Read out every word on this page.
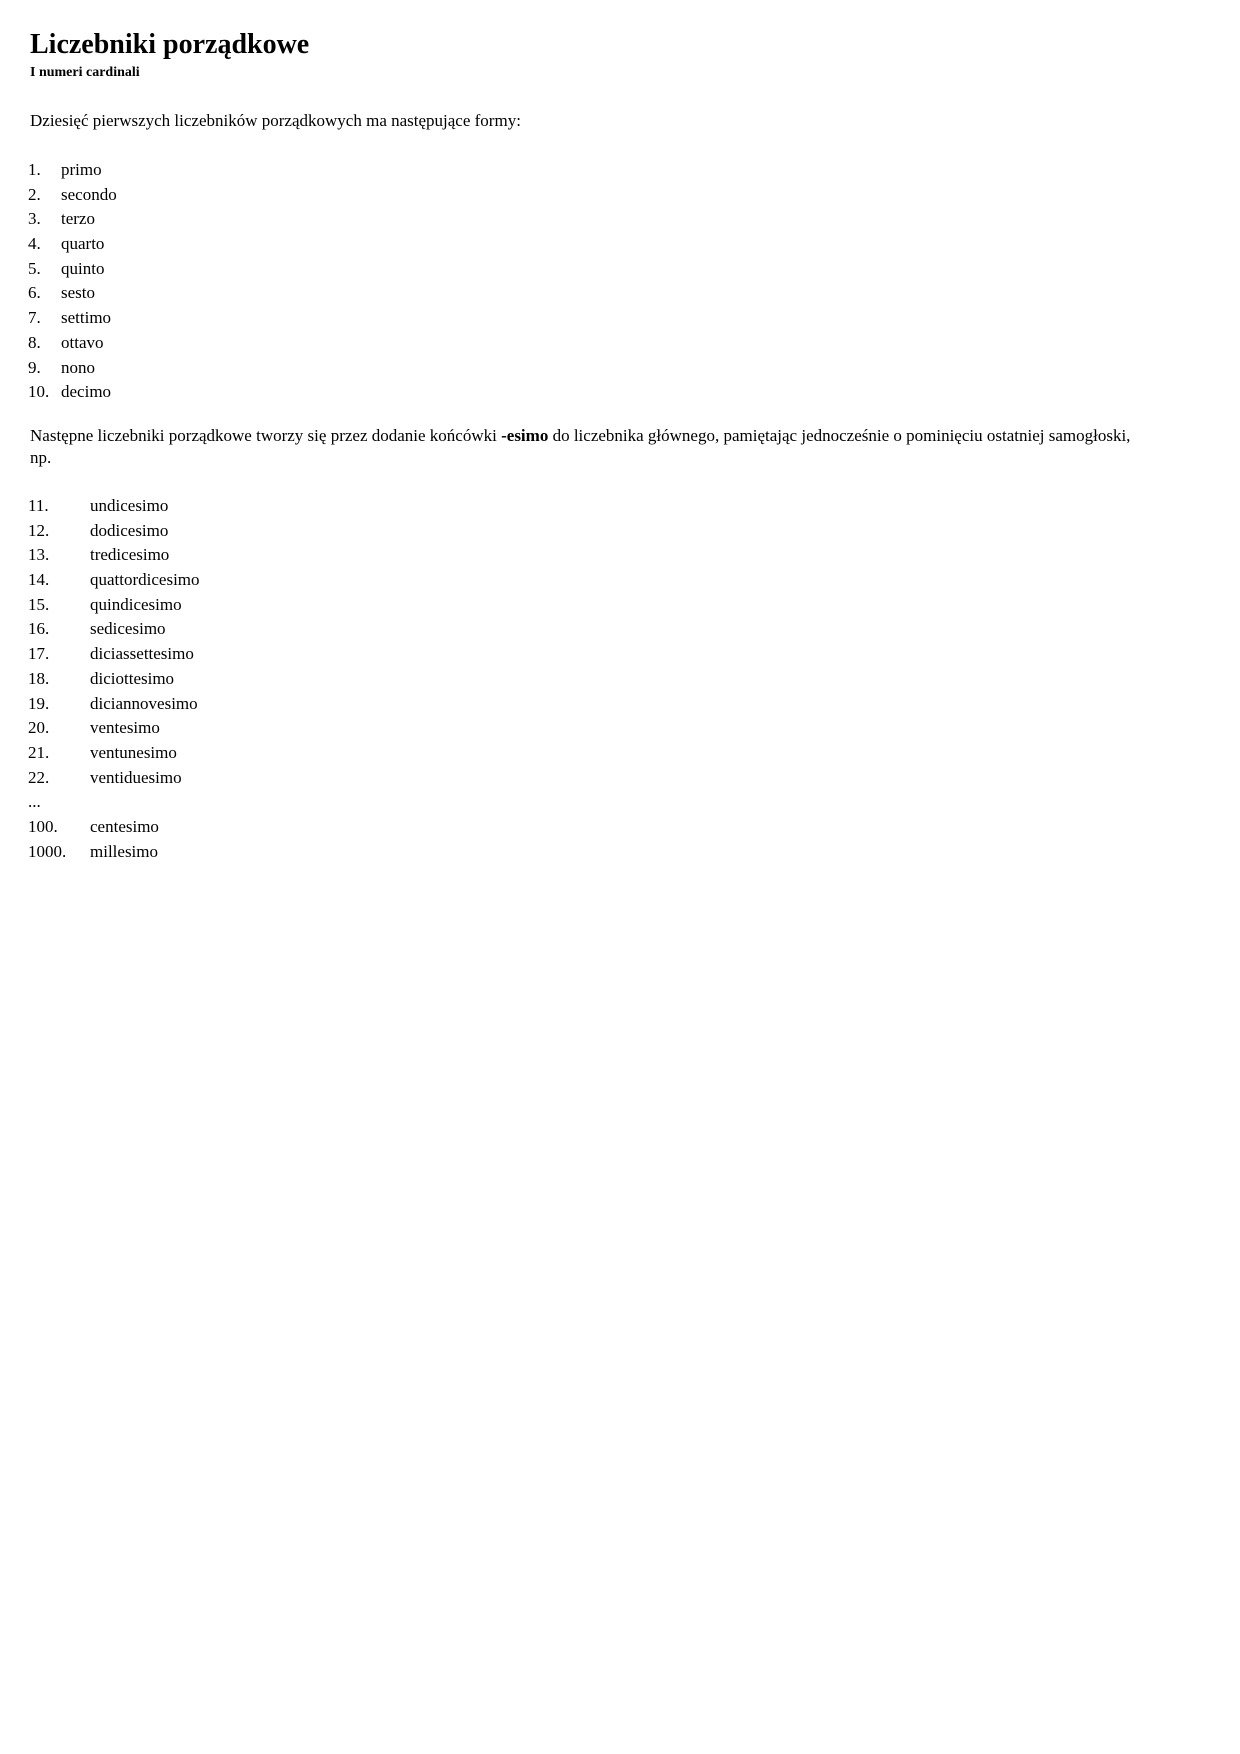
Liczebniki porządkowe
I numeri cardinali
Dziesięć pierwszych liczebników porządkowych ma następujące formy:
1. primo
2. secondo
3. terzo
4. quarto
5. quinto
6. sesto
7. settimo
8. ottavo
9. nono
10. decimo
Następne liczebniki porządkowe tworzy się przez dodanie końcówki -esimo do liczebnika głównego, pamiętając jednocześnie o pominięciu ostatniej samogłoski, np.
11. undicesimo
12. dodicesimo
13. tredicesimo
14. quattordicesimo
15. quindicesimo
16. sedicesimo
17. diciassettesimo
18. diciottesimo
19. diciannovesimo
20. ventesimo
21. ventunesimo
22. ventiduesimo
...
100. centesimo
1000. millesimo
